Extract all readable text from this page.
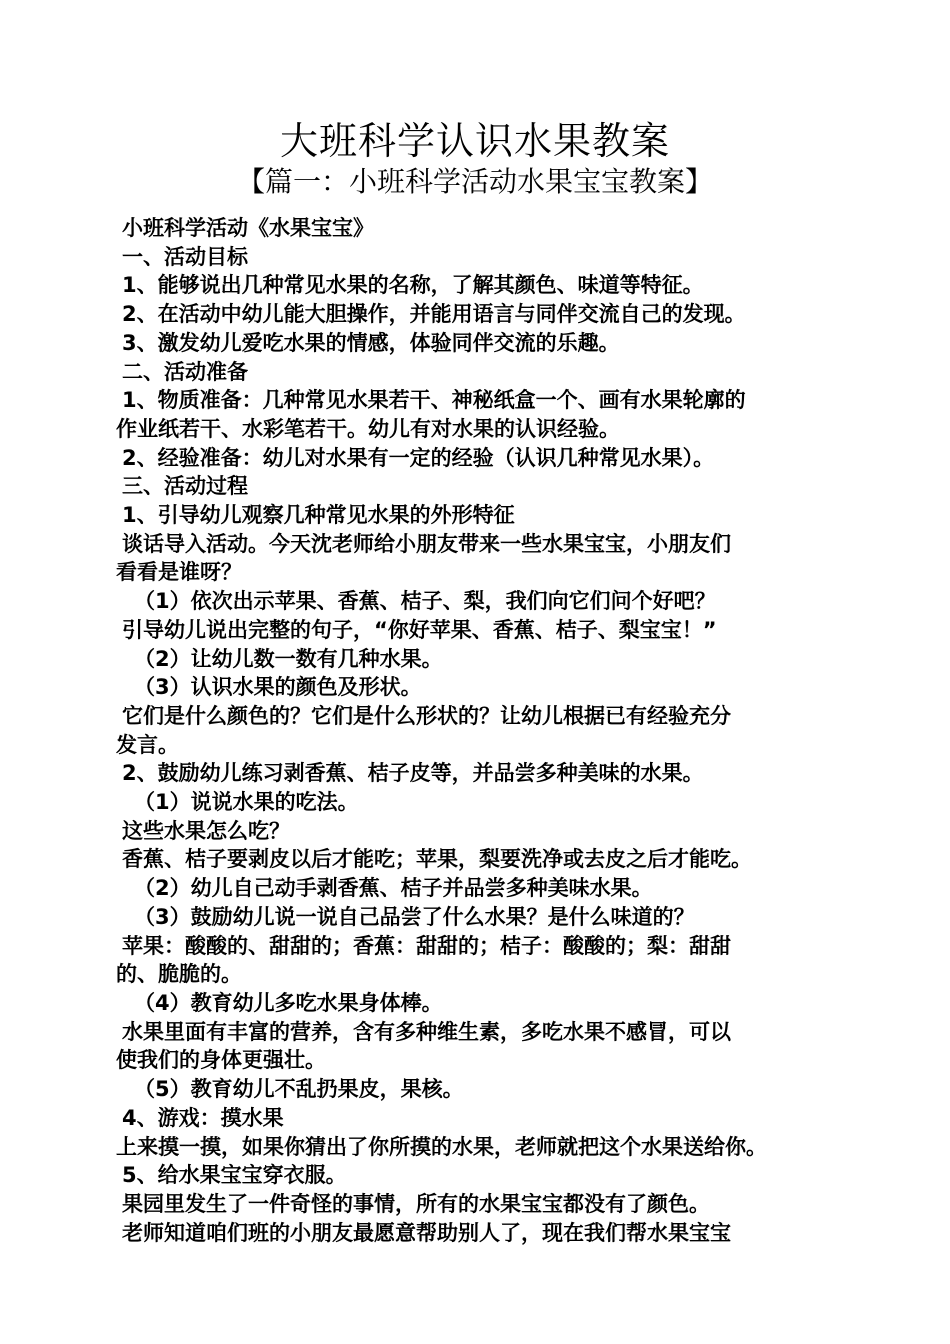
大班科学认识水果教案
【篇一：小班科学活动水果宝宝教案】
小班科学活动《水果宝宝》
一、活动目标
1、能够说出几种常见水果的名称，了解其颜色、味道等特征。
2、在活动中幼儿能大胆操作，并能用语言与同伴交流自己的发现。
3、激发幼儿爱吃水果的情感，体验同伴交流的乐趣。
二、活动准备
1、物质准备：几种常见水果若干、神秘纸盒一个、画有水果轮廓的
作业纸若干、水彩笔若干。幼儿有对水果的认识经验。
2、经验准备：幼儿对水果有一定的经验（认识几种常见水果）。
三、活动过程
1、引导幼儿观察几种常见水果的外形特征
谈话导入活动。今天沈老师给小朋友带来一些水果宝宝，小朋友们
看看是谁呀？
（1）依次出示苹果、香蕉、桔子、梨，我们向它们问个好吧？
引导幼儿说出完整的句子，“你好苹果、香蕉、桔子、梨宝宝！”
（2）让幼儿数一数有几种水果。
（3）认识水果的颜色及形状。
它们是什么颜色的？它们是什么形状的？让幼儿根据已有经验充分
发言。
2、鼓励幼儿练习剥香蕉、桔子皮等，并品尝多种美味的水果。
（1）说说水果的吃法。
这些水果怎么吃？
香蕉、桔子要剥皮以后才能吃；苹果，梨要洗净或去皮之后才能吃。
（2）幼儿自己动手剥香蕉、桔子并品尝多种美味水果。
（3）鼓励幼儿说一说自己品尝了什么水果？是什么味道的？
苹果：酸酸的、甜甜的；香蕉：甜甜的；桔子：酸酸的；梨：甜甜
的、脆脆的。
（4）教育幼儿多吃水果身体棒。
水果里面有丰富的营养，含有多种维生素，多吃水果不感冒，可以
使我们的身体更强壮。
（5）教育幼儿不乱扔果皮，果核。
4、游戏：摸水果
上来摸一摸，如果你猜出了你所摸的水果，老师就把这个水果送给你。
5、给水果宝宝穿衣服。
果园里发生了一件奇怪的事情，所有的水果宝宝都没有了颜色。
老师知道咱们班的小朋友最愿意帮助别人了，现在我们帮水果宝宝
